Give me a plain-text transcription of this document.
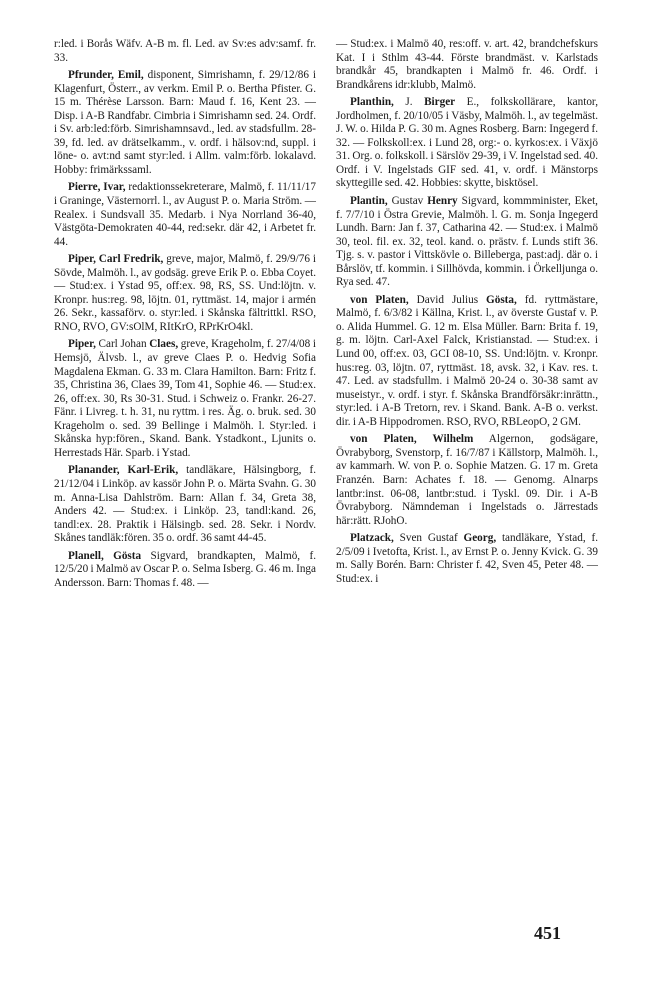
r:led. i Borås Wäfv. A-B m. fl. Led. av Sv:es adv:samf. fr. 33.

Pfrunder, Emil, disponent, Simrishamn, f. 29/12/86 i Klagenfurt, Österr., av verkm. Emil P. o. Bertha Pfister. G. 15 m. Thérèse Larsson. Barn: Maud f. 16, Kent 23. — Disp. i A-B Randfabr. Cimbria i Simrishamn sed. 24. Ordf. i Sv. arb:led:förb. Simrishamnsavd., led. av stadsfullm. 28-39, fd. led. av drätselkamm., v. ordf. i hälsov:nd, suppl. i löne- o. avt:nd samt styr:led. i Allm. valm:förb. lokalavd. Hobby: frimärkssaml.

Pierre, Ivar, redaktionssekreterare, Malmö, f. 11/11/17 i Graninge, Västernorrl. l., av August P. o. Maria Ström. — Realex. i Sundsvall 35. Medarb. i Nya Norrland 36-40, Västgöta-Demokraten 40-44, red:sekr. där 42, i Arbetet fr. 44.

Piper, Carl Fredrik, greve, major, Malmö, f. 29/9/76 i Sövde, Malmöh. l., av godsäg. greve Erik P. o. Ebba Coyet. — Stud:ex. i Ystad 95, off:ex. 98, RS, SS. Und:löjtn. v. Kronpr. hus:reg. 98, löjtn. 01, ryttmäst. 14, major i armén 26. Sekr., kassaförv. o. styr:led. i Skånska fältrittkl. RSO, RNO, RVO, GV:sOlM, RItKrO, RPrKrO4kl.

Piper, Carl Johan Claes, greve, Krageholm, f. 27/4/08 i Hemsjö, Älvsb. l., av greve Claes P. o. Hedvig Sofia Magdalena Ekman. G. 33 m. Clara Hamilton. Barn: Fritz f. 35, Christina 36, Claes 39, Tom 41, Sophie 46. — Stud:ex. 26, off:ex. 30, Rs 30-31. Stud. i Schweiz o. Frankr. 26-27. Fänr. i Livreg. t. h. 31, nu ryttm. i res. Äg. o. bruk. sed. 30 Krageholm o. sed. 39 Bellinge i Malmöh. l. Styr:led. i Skånska hyp:fören., Skand. Bank. Ystadkont., Ljunits o. Herrestads Här. Sparb. i Ystad.

Planander, Karl-Erik, tandläkare, Hälsingborg, f. 21/12/04 i Linköp. av kassör John P. o. Märta Svahn. G. 30 m. Anna-Lisa Dahlström. Barn: Allan f. 34, Greta 38, Anders 42. — Stud:ex. i Linköp. 23, tandl:kand. 26, tandl:ex. 28. Praktik i Hälsingb. sed. 28. Sekr. i Nordv. Skånes tandläk:fören. 35 o. ordf. 36 samt 44-45.

Planell, Gösta Sigvard, brandkapten, Malmö, f. 12/5/20 i Malmö av Oscar P. o. Selma Isberg. G. 46 m. Inga Andersson. Barn: Thomas f. 48. —

— Stud:ex. i Malmö 40, res:off. v. art. 42, brandchefskurs Kat. I i Sthlm 43-44. Förste brandmäst. v. Karlstads brandkår 45, brandkapten i Malmö fr. 46. Ordf. i Brandkårens idr:klubb, Malmö.

Planthin, J. Birger E., folkskollärare, kantor, Jordholmen, f. 20/10/05 i Väsby, Malmöh. l., av tegelmäst. J. W. o. Hilda P. G. 30 m. Agnes Rosberg. Barn: Ingegerd f. 32. — Folkskoll:ex. i Lund 28, org:- o. kyrkos:ex. i Växjö 31. Org. o. folkskoll. i Särslöv 29-39, i V. Ingelstad sed. 40. Ordf. i V. Ingelstads GIF sed. 41, v. ordf. i Mänstorps skyttegille sed. 42. Hobbies: skytte, bisktösel.

Plantin, Gustav Henry Sigvard, kommminister, Eket, f. 7/7/10 i Östra Grevie, Malmöh. l. G. m. Sonja Ingegerd Lundh. Barn: Jan f. 37, Catharina 42. — Stud:ex. i Malmö 30, teol. fil. ex. 32, teol. kand. o. prästv. f. Lunds stift 36. Tjg. s. v. pastor i Vittskövle o. Billeberga, past:adj. där o. i Bårslöv, tf. kommin. i Sillhövda, kommin. i Örkelljunga o. Rya sed. 47.

von Platen, David Julius Gösta, fd. ryttmästare, Malmö, f. 6/3/82 i Källna, Krist. l., av överste Gustaf v. P. o. Alida Hummel. G. 12 m. Elsa Müller. Barn: Brita f. 19, g. m. löjtn. Carl-Axel Falck, Kristianstad. — Stud:ex. i Lund 00, off:ex. 03, GCI 08-10, SS. Und:löjtn. v. Kronpr. hus:reg. 03, löjtn. 07, ryttmäst. 18, avsk. 32, i Kav. res. t. 47. Led. av stadsfullm. i Malmö 20-24 o. 30-38 samt av museistyr., v. ordf. i styr. f. Skånska Brandförsäkr:inrättn., styr:led. i A-B Tretorn, rev. i Skand. Bank. A-B o. verkst. dir. i A-B Hippodromen. RSO, RVO, RBLeopO, 2 GM.

von Platen, Wilhelm Algernon, godsägare, Övrabyborg, Svenstorp, f. 16/7/87 i Källstorp, Malmöh. l., av kammarh. W. von P. o. Sophie Matzen. G. 17 m. Greta Franzén. Barn: Achates f. 18. — Genomg. Alnarps lantbr:inst. 06-08, lantbr:stud. i Tyskl. 09. Dir. i A-B Övrabyborg. Nämndeman i Ingelstads o. Järrestads här:rätt. RJohO.

Platzack, Sven Gustaf Georg, tandläkare, Ystad, f. 2/5/09 i Ivetofta, Krist. l., av Ernst P. o. Jenny Kvick. G. 39 m. Sally Borén. Barn: Christer f. 42, Sven 45, Peter 48. — Stud:ex. i

451
